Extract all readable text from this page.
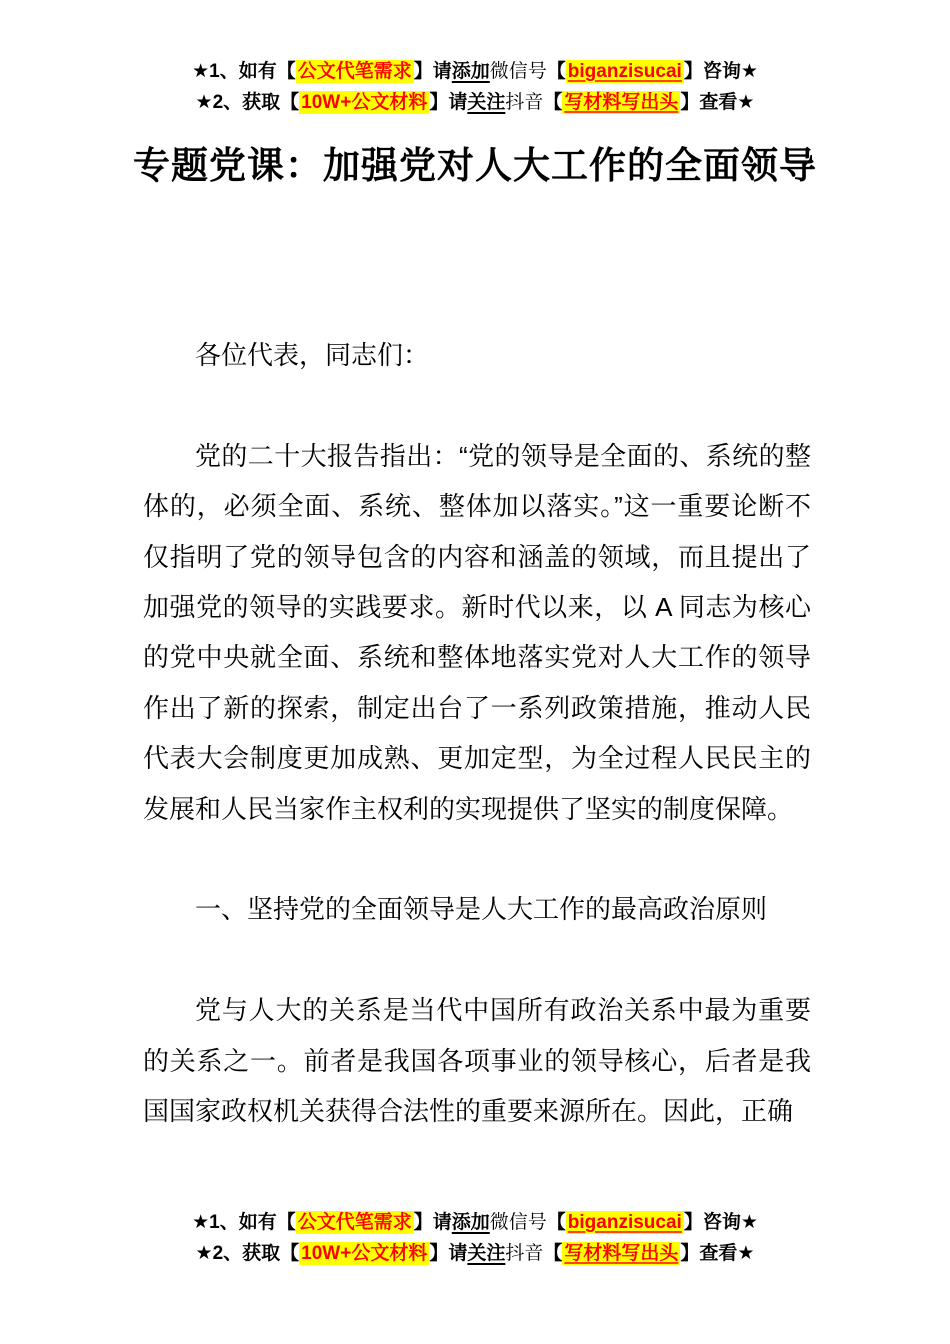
★1、如有【 公文代笔需求 】请添加微信号【 biganzisucai 】咨询★
★2、获取【 10W+公文材料 】请关注抖音【 写材料写出头 】查看★
专题党课：加强党对人大工作的全面领导

各位代表，同志们：

党的二十大报告指出：“党的领导是全面的、系统的整体的，必须全面、系统、整体加以落实。”这一重要论断不仅指明了党的领导包含的内容和涵盖的领域，而且提出了加强党的领导的实践要求。新时代以来，以 A 同志为核心的党中央就全面、系统和整体地落实党对人大工作的领导作出了新的探索，制定出台了一系列政策措施，推动人民代表大会制度更加成熟、更加定型，为全过程人民民主的发展和人民当家作主权利的实现提供了坚实的制度保障。

一、坚持党的全面领导是人大工作的最高政治原则

党与人大的关系是当代中国所有政治关系中最为重要的关系之一。前者是我国各项事业的领导核心，后者是我国国家政权机关获得合法性的重要来源所在。因此，正确

★1、如有【 公文代笔需求 】请添加微信号【 biganzisucai 】咨询★
★2、获取【 10W+公文材料 】请关注抖音【 写材料写出头 】查看★
